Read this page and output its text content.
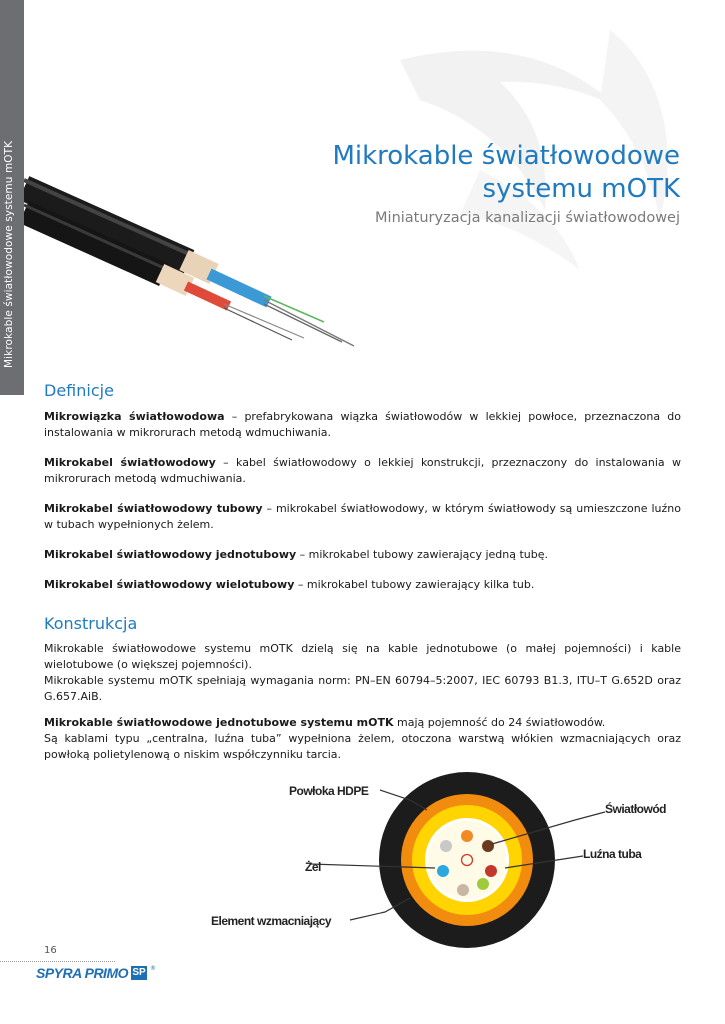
Mikrokable światłowodowe systemu mOTK	Mikrokable światłowodowe
systemu mOTK
Miniaturyzacja kanalizacji światłowodowej
Definicje
Mikrowiązka światłowodowa – prefabrykowana wiązka światłowodów w lekkiej powłoce, przeznaczona do instalowania w mikrorurach metodą wdmuchiwania.
Mikrokabel światłowodowy – kabel światłowodowy o lekkiej konstrukcji, przeznaczony do instalowania w mikrorurach metodą wdmuchiwania.
Mikrokabel światłowodowy tubowy – mikrokabel światłowodowy, w którym światłowody są umieszczone luźno w tubach wypełnionych żelem.
Mikrokabel światłowodowy jednotubowy – mikrokabel tubowy zawierający jedną tubę.
Mikrokabel światłowodowy wielotubowy – mikrokabel tubowy zawierający kilka tub.
Konstrukcja

Mikrokable światłowodowe systemu mOTK dzielą się na kable jednotubowe (o małej pojemności) i kable wielotubowe (o większej pojemności).

Mikrokable systemu mOTK spełniają wymagania norm: PN–EN 60794–5:2007, IEC 60793 B1.3, ITU–T G.652D oraz G.657.AiB.

Mikrokable światłowodowe jednotubowe systemu mOTK mają pojemność do 24 światłowodów.

Są kablami typu „centralna, luźna tuba” wypełniona żelem, otoczona warstwą włókien wzmacniających oraz powłoką polietylenową o niskim współczynniku tarcia.

Powłoka HDPE
Światłowód
Żel
Luźna tuba
Element wzmacniający
16
SPYRA PRIMO SP ®
